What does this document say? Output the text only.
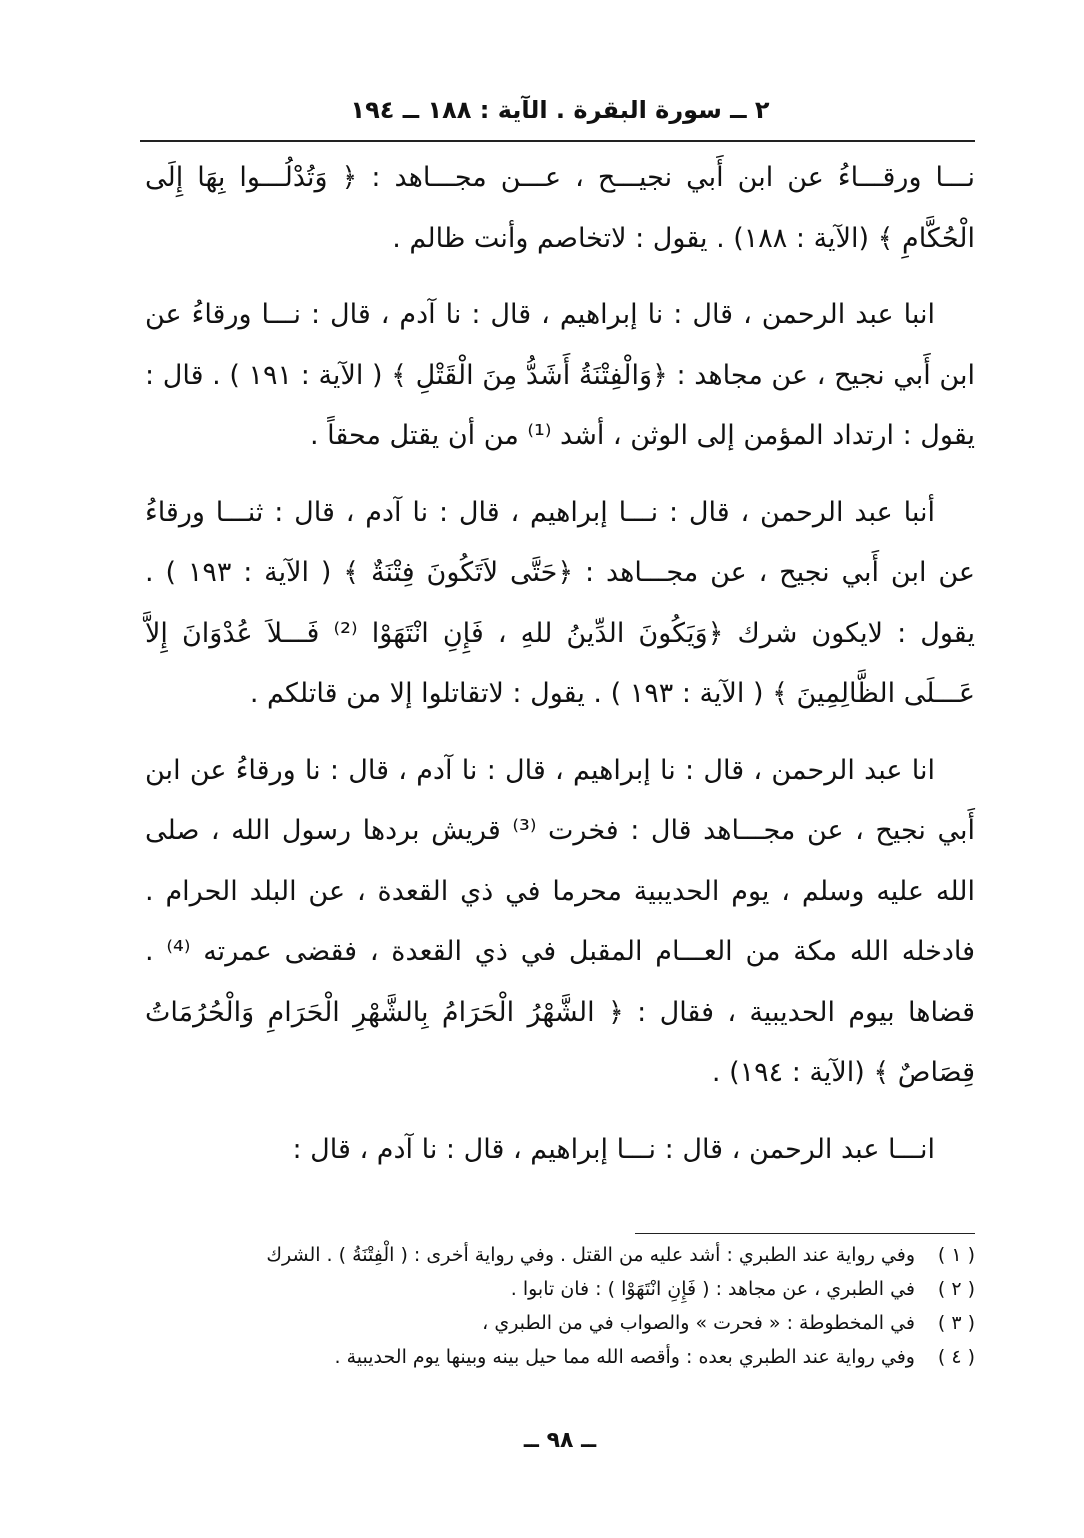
٢ ــ سورة البقرة . الآية : ١٨٨ ــ ١٩٤

نـــا ورقـــاءُ عن ابن أَبي نجيـــح ، عـــن مجـــاهد : ﴿ وَتُدْلُـــوا بِهَا إِلَى الْحُكَّامِ ﴾ (الآية : ١٨٨) . يقول : لاتخاصم وأنت ظالم .

انبا عبد الرحمن ، قال : نا إبراهيم ، قال : نا آدم ، قال : نـــا ورقاءُ عن ابن أَبي نجيح ، عن مجاهد : ﴿وَالْفِتْنَةُ أَشَدُّ مِنَ الْقَتْلِ ﴾ ( الآية : ١٩١ ) . قال : يقول : ارتداد المؤمن إلى الوثن ، أشد ⁽¹⁾ من أن يقتل محقاً .

أنبا عبد الرحمن ، قال : نـــا إبراهيم ، قال : نا آدم ، قال : ثنـــا ورقاءُ عن ابن أَبي نجيح ، عن مجـــاهد : ﴿حَتَّى لاَتَكُونَ فِتْنَةٌ ﴾ ( الآية : ١٩٣ ) . يقول : لايكون شرك ﴿وَيَكُونَ الدِّينُ للهِ ، فَإِنِ انْتَهَوْا ⁽²⁾ فَـــلاَ عُدْوَانَ إِلاَّ عَـــلَى الظَّالِمِينَ ﴾ ( الآية : ١٩٣ ) . يقول : لاتقاتلوا إلا من قاتلكم .

انا عبد الرحمن ، قال : نا إبراهيم ، قال : نا آدم ، قال : نا ورقاءُ عن ابن أَبي نجيح ، عن مجـــاهد قال : فخرت ⁽³⁾ قريش بردها رسول الله ، صلى الله عليه وسلم ، يوم الحديبية محرما في ذي القعدة ، عن البلد الحرام . فادخله الله مكة من العـــام المقبل في ذي القعدة ، فقضى عمرته ⁽⁴⁾ . قضاها بيوم الحديبية ، فقال : ﴿ الشَّهْرُ الْحَرَامُ بِالشَّهْرِ الْحَرَامِ وَالْحُرُمَاتُ قِصَاصٌ ﴾ (الآية : ١٩٤) .

انـــا عبد الرحمن ، قال : نـــا إبراهيم ، قال : نا آدم ، قال :

( ١ )
وفي رواية عند الطبري : أشد عليه من القتل . وفي رواية أخرى : ( الْفِتْنَةُ ) . الشرك
( ٢ )
في الطبري ، عن مجاهد : ( فَإِنِ انْتَهَوْا ) : فان تابوا .
( ٣ )
في المخطوطة : « فحرت » والصواب في من الطبري ،
( ٤ )
وفي رواية عند الطبري بعده : وأقصه الله مما حيل بينه وبينها يوم الحديبية .
ــ ٩٨ ــ
